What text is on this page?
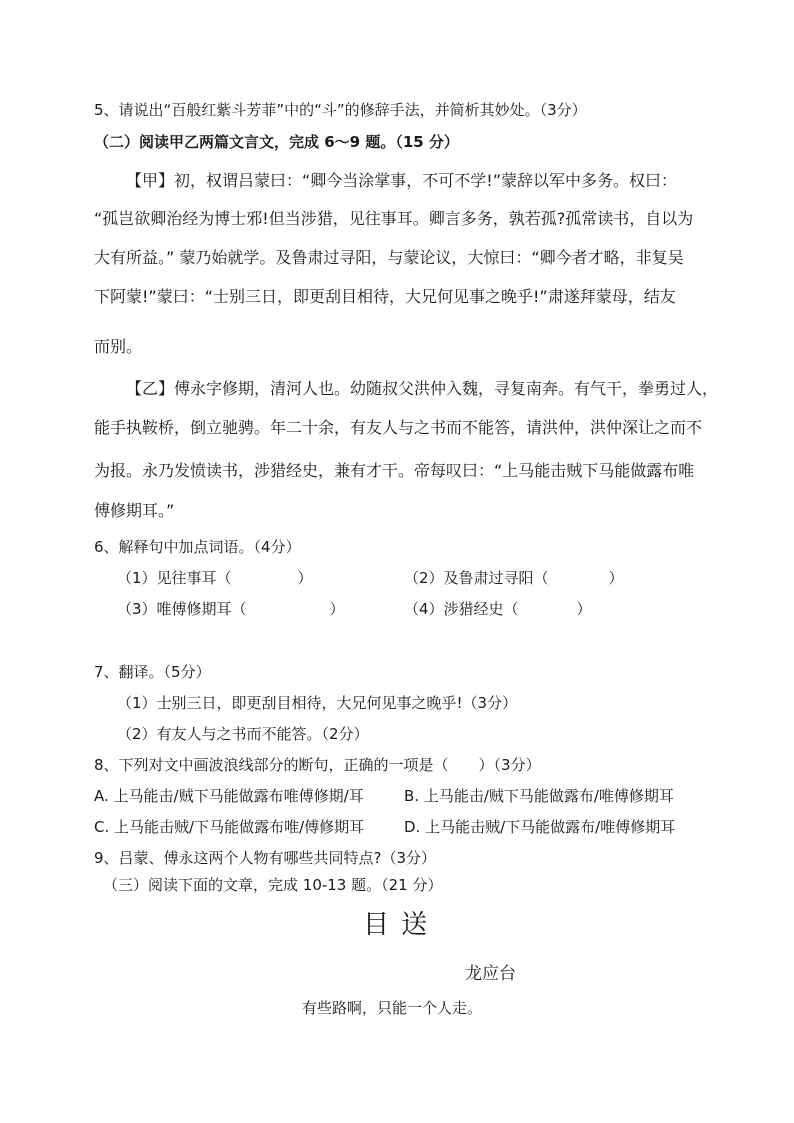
5、请说出“百般红紫斗芳菲”中的“斗”的修辞手法，并简析其妙处。（3分）
（二）阅读甲乙两篇文言文，完成 6～9 题。（15 分）
【甲】初，权谓吕蒙曰：“卿今当涂掌事，不可不学!”蒙辞以军中多务。权曰：
“孤岂欲卿治经为博士邪!但当涉猎，见往事耳。卿言多务，孰若孤?孤常读书，自以为
大有所益。” 蒙乃始就学。及鲁肃过寻阳，与蒙论议，大惊曰：“卿今者才略，非复吴
下阿蒙!”蒙曰：“士别三日，即更刮目相待，大兄何见事之晚乎!”肃遂拜蒙母，结友
而别。
【乙】傅永字修期，清河人也。幼随叔父洪仲入魏，寻复南奔。有气干，拳勇过人，
能手执鞍桥，倒立驰骋。年二十余，有友人与之书而不能答，请洪仲，洪仲深让之而不
为报。永乃发愤读书，涉猎经史，兼有才干。帝每叹曰：“上马能击贼下马能做露布唯
傅修期耳。”
6、解释句中加点词语。（4分）
（1）见往事耳（	）	（2）及鲁肃过寻阳（	）
（3）唯傅修期耳（	）	（4）涉猎经史（	）
7、翻译。（5分）
（1）士别三日，即更刮目相待，大兄何见事之晚乎!（3分）
（2）有友人与之书而不能答。（2分）
8、下列对文中画波浪线部分的断句，正确的一项是（　　）（3分）
A. 上马能击/贼下马能做露布唯傅修期/耳	B. 上马能击/贼下马能做露布/唯傅修期耳
C. 上马能击贼/下马能做露布唯/傅修期耳	D. 上马能击贼/下马能做露布/唯傅修期耳
9、吕蒙、傅永这两个人物有哪些共同特点?（3分）
（三）阅读下面的文章，完成 10-13 题。（21 分）
目 送
龙应台
有些路啊，只能一个人走。
